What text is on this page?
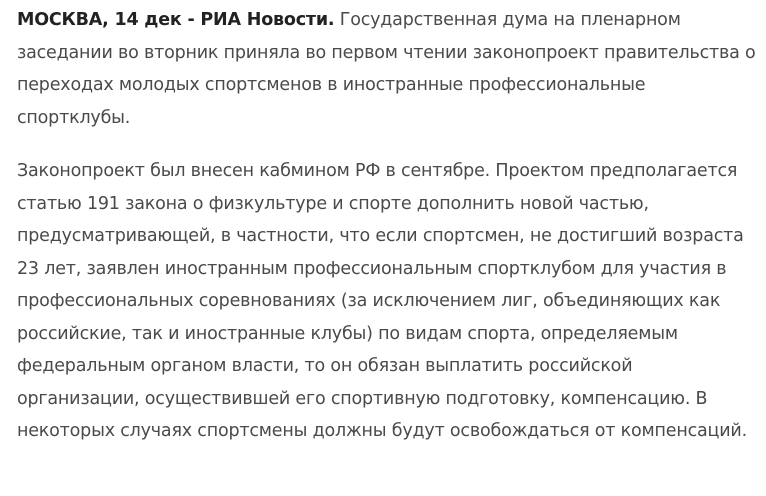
МОСКВА, 14 дек - РИА Новости. Государственная дума на пленарном заседании во вторник приняла во первом чтении законопроект правительства о переходах молодых спортсменов в иностранные профессиональные спортклубы.

Законопроект был внесен кабмином РФ в сентябре. Проектом предполагается статью 191 закона о физкультуре и спорте дополнить новой частью, предусматривающей, в частности, что если спортсмен, не достигший возраста 23 лет, заявлен иностранным профессиональным спортклубом для участия в профессиональных соревнованиях (за исключением лиг, объединяющих как российские, так и иностранные клубы) по видам спорта, определяемым федеральным органом власти, то он обязан выплатить российской организации, осуществившей его спортивную подготовку, компенсацию. В некоторых случаях спортсмены должны будут освобождаться от компенсаций.
